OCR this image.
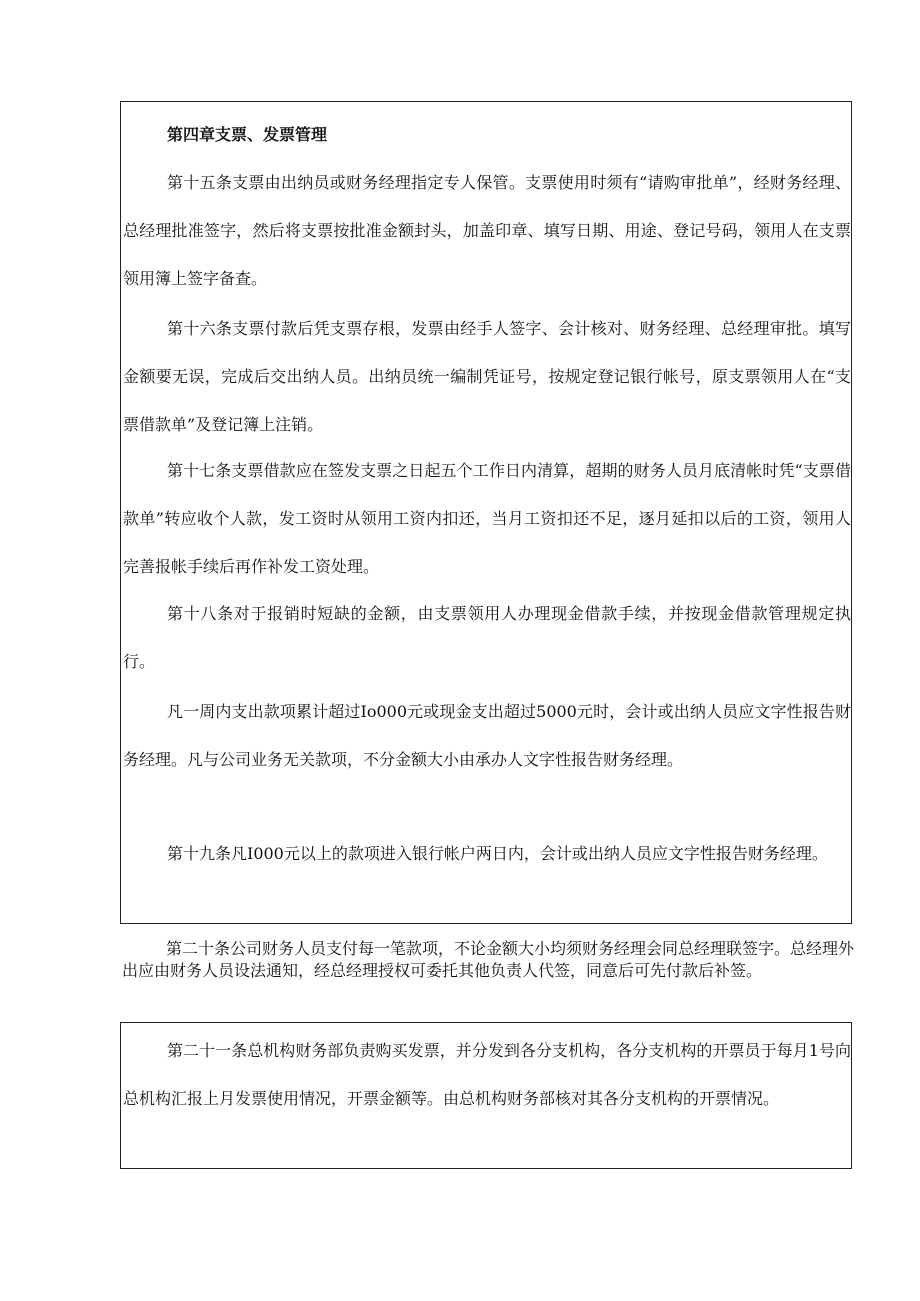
第四章支票、发票管理

第十五条支票由出纳员或财务经理指定专人保管。支票使用时须有“请购审批单”，经财务经理、总经理批准签字，然后将支票按批准金额封头，加盖印章、填写日期、用途、登记号码，领用人在支票领用簿上签字备查。

第十六条支票付款后凭支票存根，发票由经手人签字、会计核对、财务经理、总经理审批。填写金额要无误，完成后交出纳人员。出纳员统一编制凭证号，按规定登记银行帐号，原支票领用人在“支票借款单”及登记簿上注销。

第十七条支票借款应在签发支票之日起五个工作日内清算，超期的财务人员月底清帐时凭“支票借款单”转应收个人款，发工资时从领用工资内扣还，当月工资扣还不足，逐月延扣以后的工资，领用人完善报帐手续后再作补发工资处理。

第十八条对于报销时短缺的金额，由支票领用人办理现金借款手续，并按现金借款管理规定执行。

凡一周内支出款项累计超过Io000元或现金支出超过5000元时，会计或出纳人员应文字性报告财务经理。凡与公司业务无关款项，不分金额大小由承办人文字性报告财务经理。

第十九条凡I000元以上的款项进入银行帐户两日内，会计或出纳人员应文字性报告财务经理。

第二十条公司财务人员支付每一笔款项，不论金额大小均须财务经理会同总经理联签字。总经理外出应由财务人员设法通知，经总经理授权可委托其他负责人代签，同意后可先付款后补签。

第二十一条总机构财务部负责购买发票，并分发到各分支机构，各分支机构的开票员于每月1号向总机构汇报上月发票使用情况，开票金额等。由总机构财务部核对其各分支机构的开票情况。
